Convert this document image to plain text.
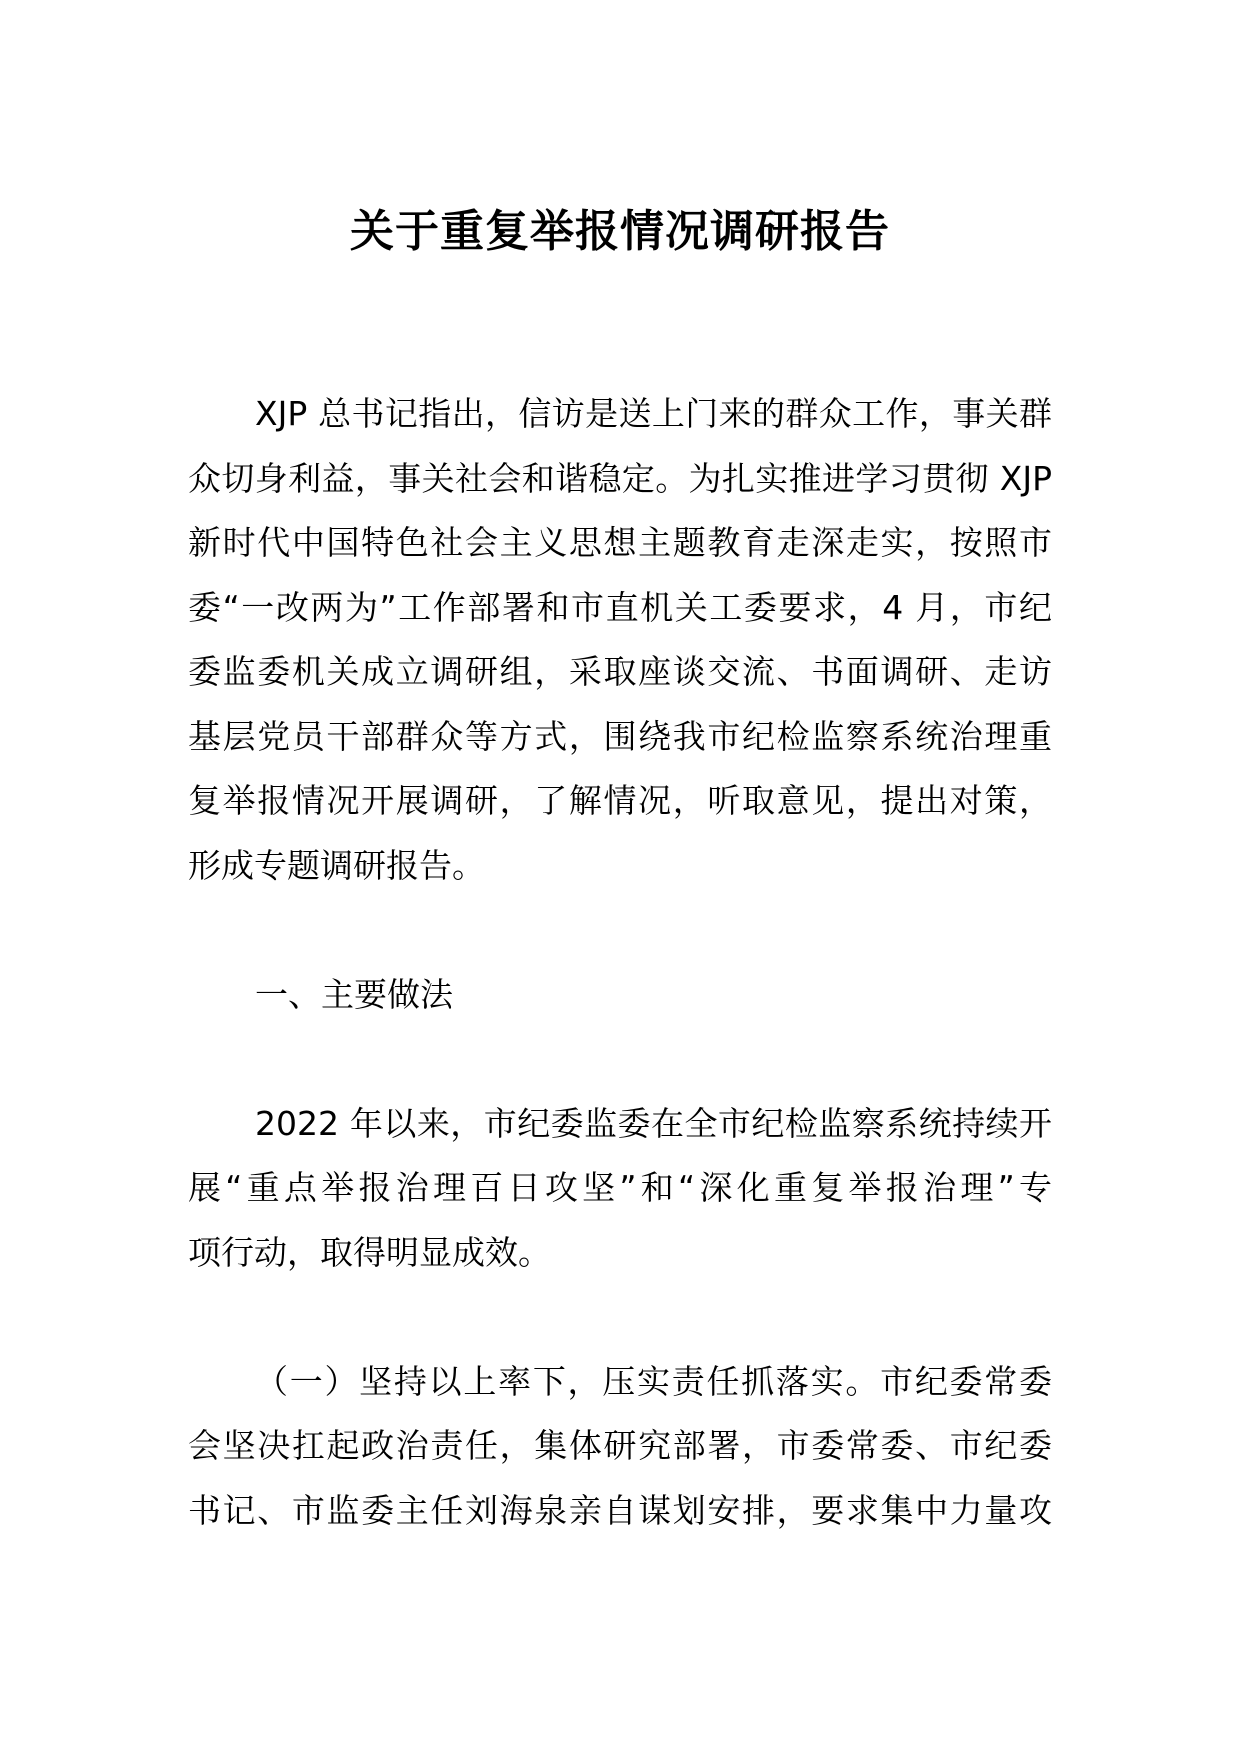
关于重复举报情况调研报告
XJP 总书记指出，信访是送上门来的群众工作，事关群
众切身利益，事关社会和谐稳定。为扎实推进学习贯彻 XJP
新时代中国特色社会主义思想主题教育走深走实，按照市
委“一改两为”工作部署和市直机关工委要求，4 月，市纪
委监委机关成立调研组，采取座谈交流、书面调研、走访
基层党员干部群众等方式，围绕我市纪检监察系统治理重
复举报情况开展调研，了解情况，听取意见，提出对策，
形成专题调研报告。
一、主要做法
2022 年以来，市纪委监委在全市纪检监察系统持续开
展“重点举报治理百日攻坚”和“深化重复举报治理”专
项行动，取得明显成效。
（一）坚持以上率下，压实责任抓落实。市纪委常委
会坚决扛起政治责任，集体研究部署，市委常委、市纪委
书记、市监委主任刘海泉亲自谋划安排，要求集中力量攻
